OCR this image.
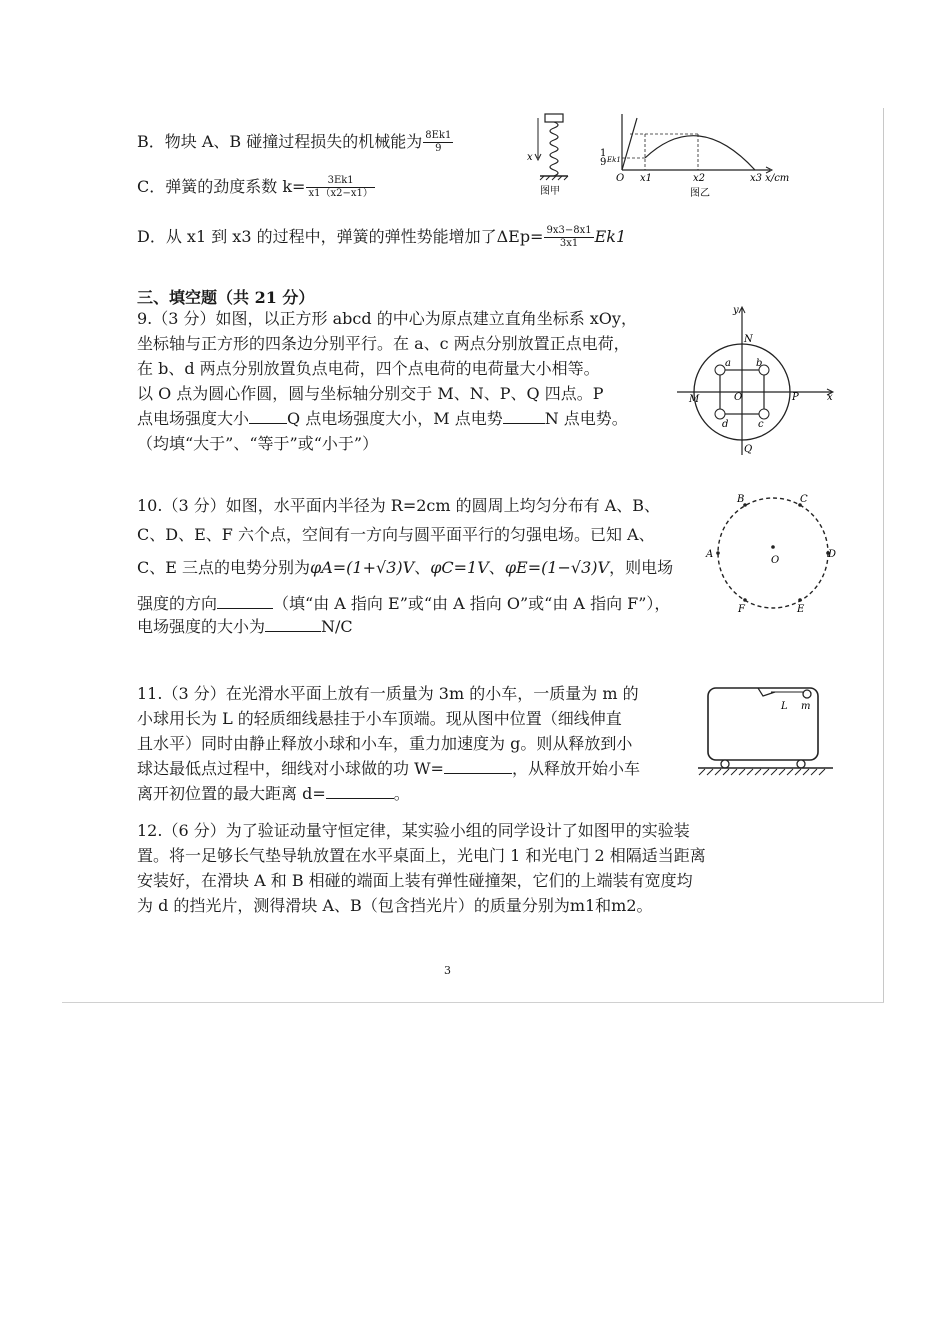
B．物块 A、B 碰撞过程损失的机械能为 $\frac{8Ek1}{9}$
C．弹簧的劲度系数 $k= \frac{3Ek1}{x1(x2-x1)}$
D．从 x1 到 x3 的过程中，弹簧的弹性势能增加了$\Delta Ep= \frac{9x3-8x1}{3x1} Ek1$
x
图甲
1
9 Ek1
O x1	x2	x3 x/cm
图乙
三、填空题（共 21 分）
9.（3 分）如图，以正方形 abcd 的中心为原点建立直角坐标系 xOy，
坐标轴与正方形的四条边分别平行。在 a、c 两点分别放置正点电荷，
在 b、d 两点分别放置负点电荷，四个点电荷的电荷量大小相等。
以 O 点为圆心作圆，圆与坐标轴分别交于 M、N、P、Q 四点。P
点电场强度大小 Q 点电场强度大小，M 点电势	N 点电势。
（均填“大于”、“等于”或“小于”）
y
x
N
M	O	P
Q
a	b
c
d
10.（3 分）如图，水平面内半径为 R=2cm 的圆周上均匀分布有 A、B、
C、D、E、F 六个点，空间有一方向与圆平面平行的匀强电场。已知 A、
C、E 三点的电势分别为φA=(1+√3)V、φC=1V、φE=(1−√3)V，则电场
强度的方向	（填“由 A 指向 E”或“由 A 指向 O”或“由 A 指向 F”），
电场强度的大小为	N/C
B	C
A	D
O
F	E
11.（3 分）在光滑水平面上放有一质量为 3m 的小车，一质量为 m 的
小球用长为 L 的轻质细线悬挂于小车顶端。现从图中位置（细线伸直
且水平）同时由静止释放小球和小车，重力加速度为 g。则从释放到小
球达最低点过程中，细线对小球做的功 W=	，从释放开始小车
离开初位置的最大距离 d=	。
L m
12.（6 分）为了验证动量守恒定律，某实验小组的同学设计了如图甲的实验装
置。将一足够长气垫导轨放置在水平桌面上，光电门 1 和光电门 2 相隔适当距离
安装好，在滑块 A 和 B 相碰的端面上装有弹性碰撞架，它们的上端装有宽度均
为 d 的挡光片，测得滑块 A、B（包含挡光片）的质量分别为m1和m2。
3
